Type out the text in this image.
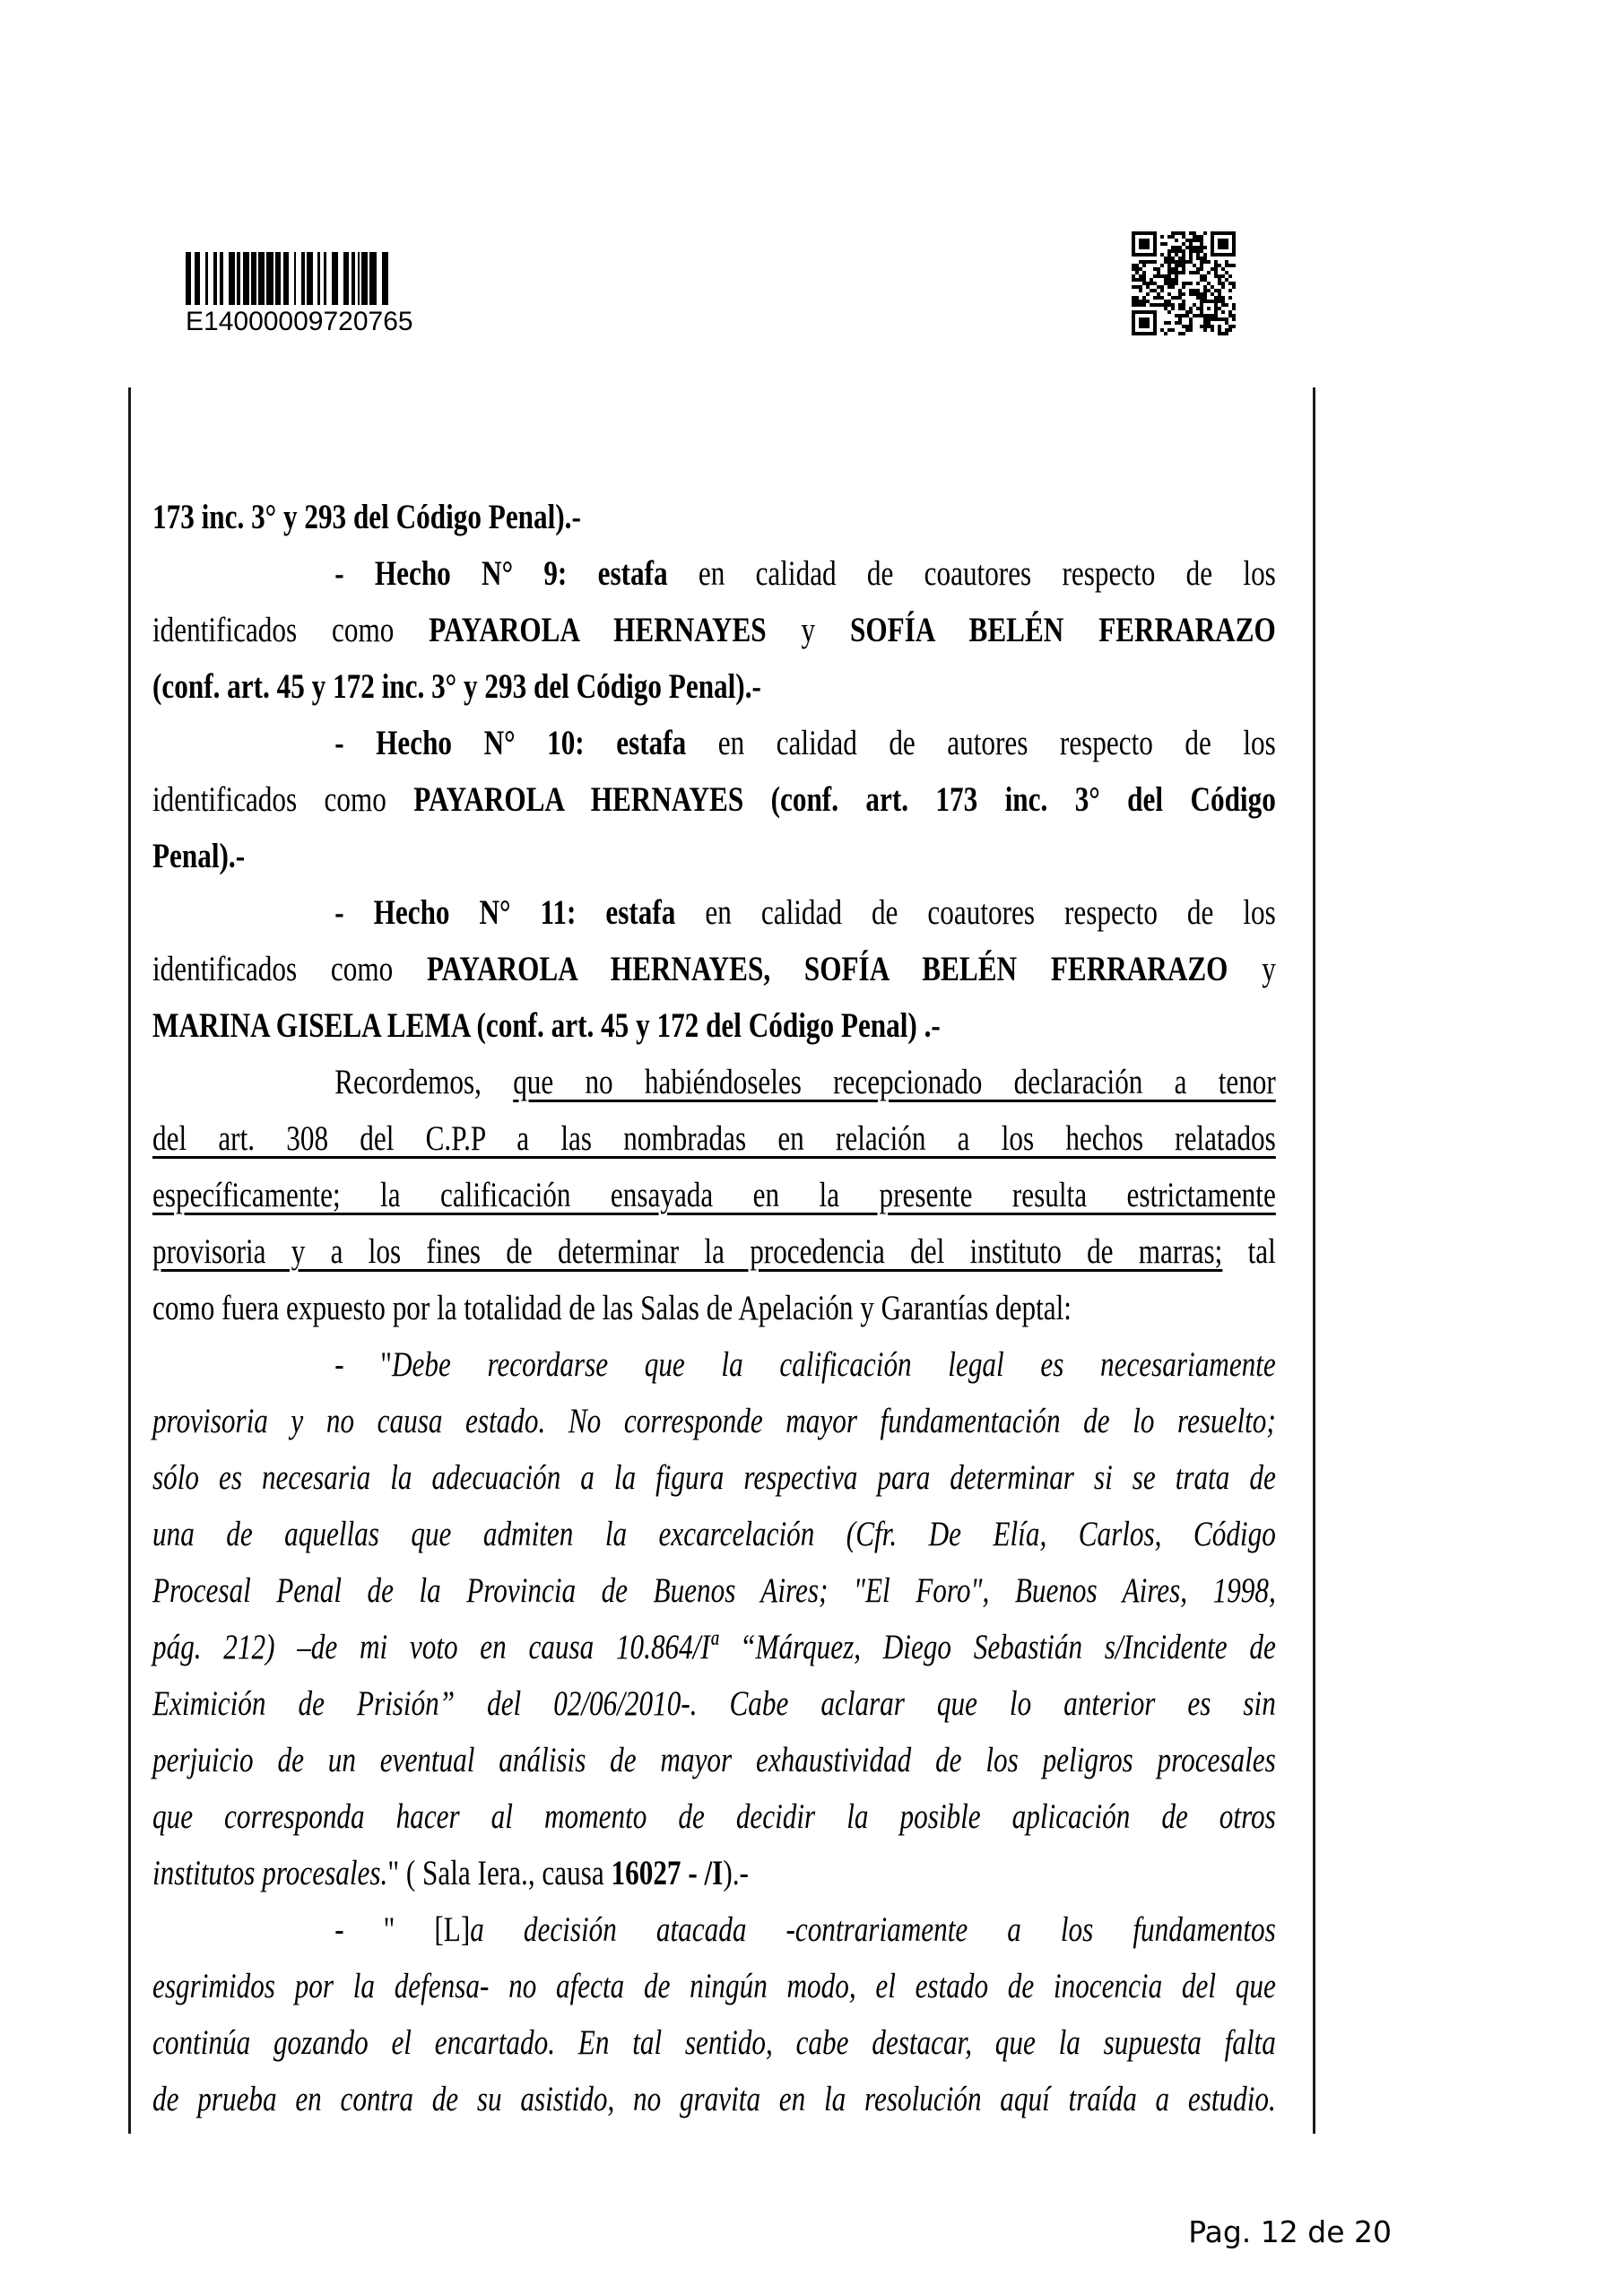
E14000009720765
173 inc. 3° y 293 del Código Penal).-
- Hecho N° 9: estafa en calidad de coautores respecto de los
identificados como PAYAROLA HERNAYES y SOFÍA BELÉN FERRARAZO
(conf. art. 45 y 172 inc. 3° y 293 del Código Penal).-
- Hecho N° 10: estafa en calidad de autores respecto de los
identificados como PAYAROLA HERNAYES (conf. art. 173 inc. 3° del Código
Penal).-
- Hecho N° 11: estafa en calidad de coautores respecto de los
identificados como PAYAROLA HERNAYES, SOFÍA BELÉN FERRARAZO y
MARINA GISELA LEMA (conf. art. 45 y 172 del Código Penal) .-
Recordemos, que no habiéndoseles recepcionado declaración a tenor
del art. 308 del C.P.P a las nombradas en relación a los hechos relatados
específicamente; la calificación ensayada en la presente resulta estrictamente
provisoria y a los fines de determinar la procedencia del instituto de marras; tal
como fuera expuesto por la totalidad de las Salas de Apelación y Garantías deptal:
- "Debe recordarse que la calificación legal es necesariamente
provisoria y no causa estado. No corresponde mayor fundamentación de lo resuelto;
sólo es necesaria la adecuación a la figura respectiva para determinar si se trata de
una de aquellas que admiten la excarcelación (Cfr. De Elía, Carlos, Código
Procesal Penal de la Provincia de Buenos Aires; "El Foro", Buenos Aires, 1998,
pág. 212) –de mi voto en causa 10.864/Iª “Márquez, Diego Sebastián s/Incidente de
Eximición de Prisión” del 02/06/2010-. Cabe aclarar que lo anterior es sin
perjuicio de un eventual análisis de mayor exhaustividad de los peligros procesales
que corresponda hacer al momento de decidir la posible aplicación de otros
institutos procesales." ( Sala Iera., causa 16027 - /I).-
- " [L]a decisión atacada -contrariamente a los fundamentos
esgrimidos por la defensa- no afecta de ningún modo, el estado de inocencia del que
continúa gozando el encartado. En tal sentido, cabe destacar, que la supuesta falta
de prueba en contra de su asistido, no gravita en la resolución aquí traída a estudio.
Pag. 12 de 20
